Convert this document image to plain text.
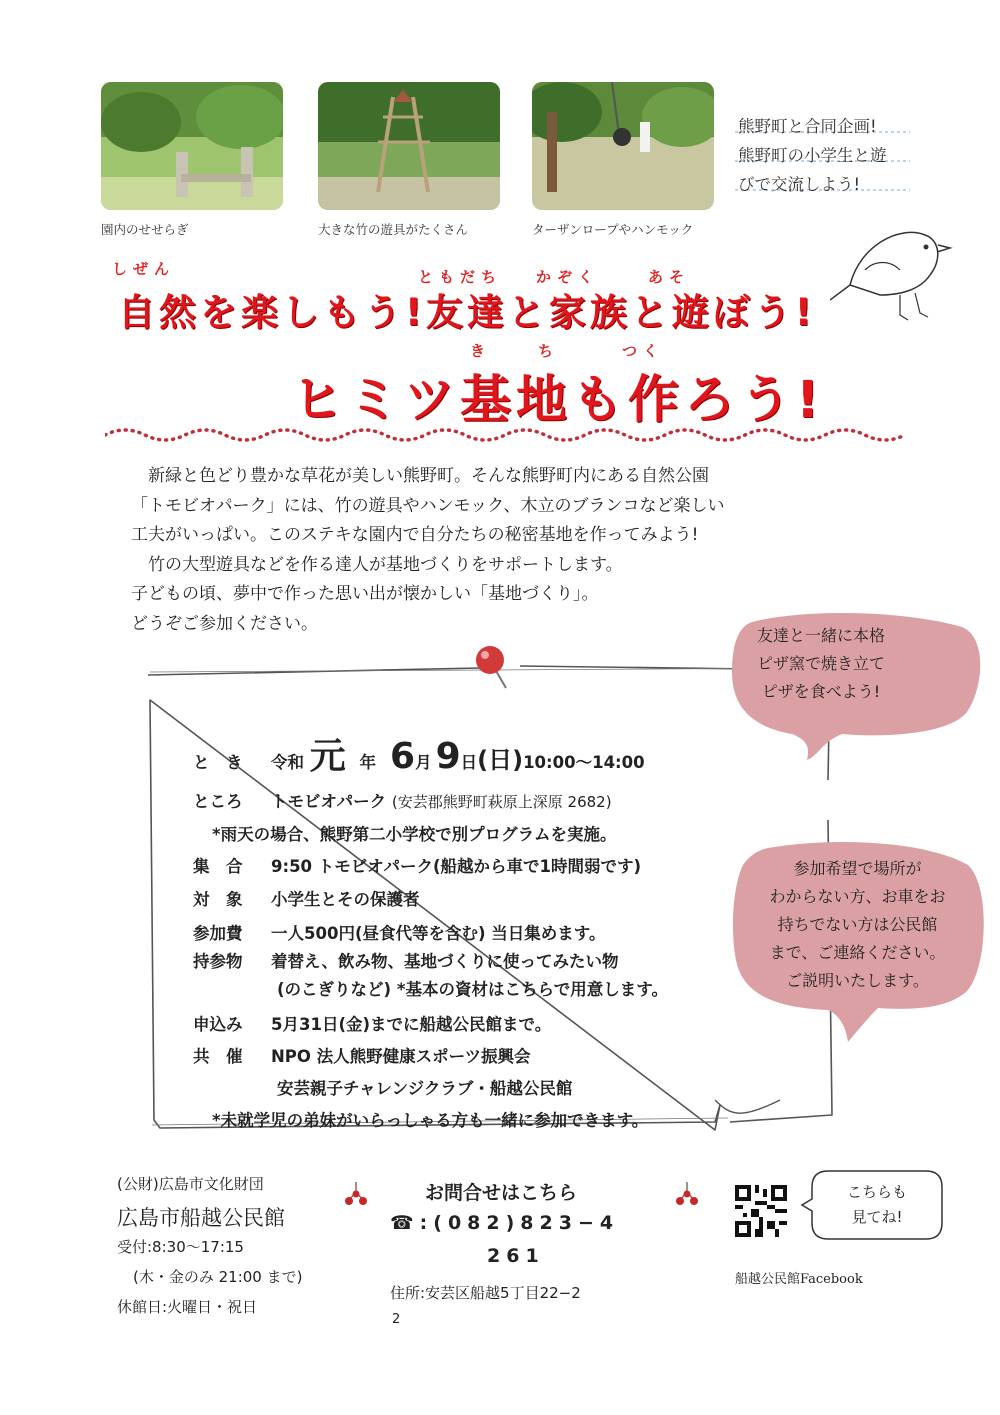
園内のせせらぎ	大きな竹の遊具がたくさん	ターザンロープやハンモック
熊野町と合同企画!
熊野町の小学生と遊
びで交流しよう!
しぜん	ともだち かぞく	あそ
自然を楽しもう!友達と家族と遊ぼう!
き	ち	つく
ヒミツ基地も作ろう!
　新緑と色どり豊かな草花が美しい熊野町。そんな熊野町内にある自然公園
「トモビオパーク」には、竹の遊具やハンモック、木立のブランコなど楽しい
工夫がいっぱい。このステキな園内で自分たちの秘密基地を作ってみよう!
　竹の大型遊具などを作る達人が基地づくりをサポートします。
子どもの頃、夢中で作った思い出が懐かしい「基地づくり」。
どうぞご参加ください。
友達と一緒に本格
ピザ窯で焼き立て
ピザを食べよう!
参加希望で場所が
わからない方、お車をお
持ちでない方は公民館
まで、ご連絡ください。
ご説明いたします。
と　き 令和 元 年 6月 9日(日)10:00〜14:00
ところ トモビオパーク (安芸郡熊野町萩原上深原 2682)
*雨天の場合、熊野第二小学校で別プログラムを実施。
集　合 9:50 トモビオパーク(船越から車で1時間弱です)
対　象 小学生とその保護者
参加費 一人500円(昼食代等を含む) 当日集めます。
持参物 着替え、飲み物、基地づくりに使ってみたい物
(のこぎりなど) *基本の資材はこちらで用意します。
申込み 5月31日(金)までに船越公民館まで。
共　催 NPO 法人熊野健康スポーツ振興会
安芸親子チャレンジクラブ・船越公民館
*未就学児の弟妹がいらっしゃる方も一緒に参加できます。
(公財)広島市文化財団
広島市船越公民館
受付:8:30〜17:15
(木・金のみ 21:00 まで)
休館日:火曜日・祝日
お問合せはこちら
☎:(082)823−4
261
住所:安芸区船越5丁目22−2
2
こちらも
見てね!
船越公民館Facebook
